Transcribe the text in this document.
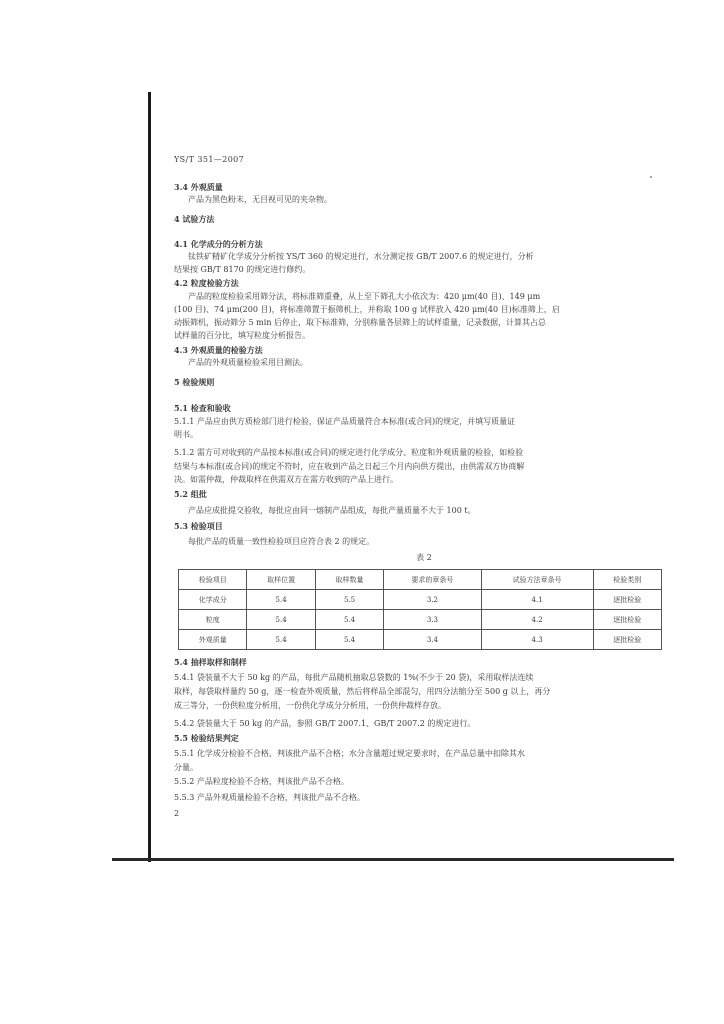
YS/T 351—2007
3.4 外观质量
产品为黑色粉末，无目视可见的夹杂物。
4 试验方法
4.1 化学成分的分析方法
钛铁矿精矿化学成分分析按 YS/T 360 的规定进行，水分测定按 GB/T 2007.6 的规定进行，分析
结果按 GB/T 8170 的规定进行修约。
4.2 粒度检验方法
产品的粒度检验采用筛分法，将标准筛重叠，从上至下筛孔大小依次为：420 μm(40 目)、149 μm
(100 目)、74 μm(200 目)，将标准筛置于振筛机上，并称取 100 g 试样放入 420 μm(40 目)标准筛上，启
动振筛机，振动筛分 5 min 后停止，取下标准筛，分别称量各层筛上的试样重量，记录数据，计算其占总
试样量的百分比，填写粒度分析报告。
4.3 外观质量的检验方法
产品的外观质量检验采用目测法。
5 检验规则
5.1 检查和验收
5.1.1 产品应由供方质检部门进行检验，保证产品质量符合本标准(或合同)的规定，并填写质量证
明书。
5.1.2 需方可对收到的产品按本标准(或合同)的规定进行化学成分、粒度和外观质量的检验，如检验
结果与本标准(或合同)的规定不符时，应在收到产品之日起三个月内向供方提出，由供需双方协商解
决。如需仲裁，仲裁取样在供需双方在需方收到的产品上进行。
5.2 组批
产品应成批提交验收，每批应由同一熔制产品组成，每批产量质量不大于 100 t。
5.3 检验项目
每批产品的质量一致性检验项目应符合表 2 的规定。
表 2
检验项目	取样位置	取样数量	要求的章条号	试验方法章条号	检验类别
化学成分	5.4	5.5	3.2	4.1	逐批检验
粒度	5.4	5.4	3.3	4.2	逐批检验
外观质量	5.4	5.4	3.4	4.3	逐批检验
5.4 抽样取样和制样
5.4.1 袋装量不大于 50 kg 的产品，每批产品随机抽取总袋数的 1%(不少于 20 袋)，采用取样法连续
取样，每袋取样量约 50 g，逐一检查外观质量，然后将样品全部混匀，用四分法缩分至 500 g 以上，再分
成三等分，一份供粒度分析用，一份供化学成分分析用，一份供仲裁样存放。
5.4.2 袋装量大于 50 kg 的产品，参照 GB/T 2007.1、GB/T 2007.2 的规定进行。
5.5 检验结果判定
5.5.1 化学成分检验不合格，判该批产品不合格；水分含量超过规定要求时，在产品总量中扣除其水
分量。
5.5.2 产品粒度检验不合格，判该批产品不合格。
5.5.3 产品外观质量检验不合格，判该批产品不合格。
2
